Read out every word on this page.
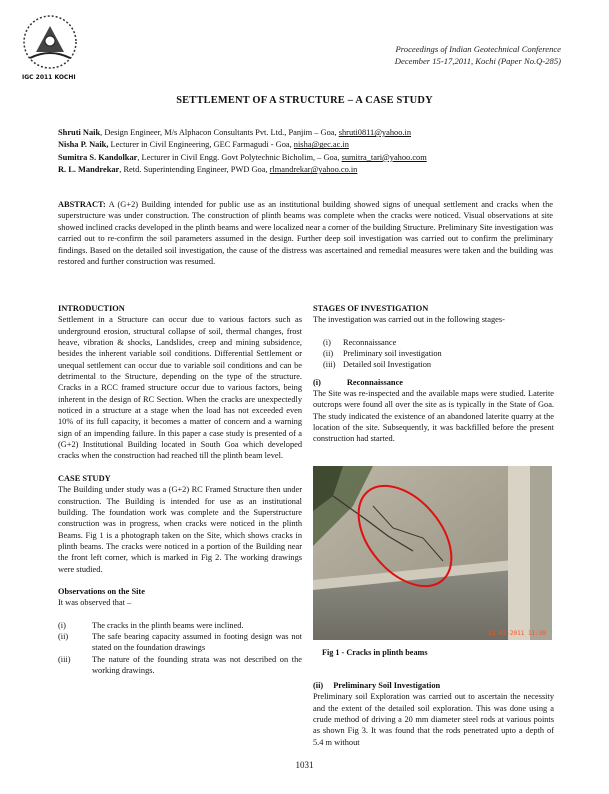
IGC 2011 KOCHI
Proceedings of Indian Geotechnical Conference
December 15-17,2011, Kochi (Paper No.Q-285)
SETTLEMENT OF A STRUCTURE – A CASE STUDY
Shruti Naik, Design Engineer, M/s Alphacon Consultants Pvt. Ltd., Panjim – Goa, shruti0811@yahoo.in
Nisha P. Naik, Lecturer in Civil Engineering, GEC Farmagudi - Goa, nisha@gec.ac.in
Sumitra S. Kandolkar, Lecturer in Civil Engg. Govt Polytechnic Bicholim, – Goa, sumitra_tari@yahoo.com
R. L. Mandrekar, Retd. Superintending Engineer, PWD Goa, rlmandrekar@yahoo.co.in
ABSTRACT: A (G+2) Building intended for public use as an institutional building showed signs of unequal settlement and cracks when the superstructure was under construction. The construction of plinth beams was complete when the cracks were noticed. Visual observations at site showed inclined cracks developed in the plinth beams and were localized near a corner of the building Structure. Preliminary Site investigation was carried out to re-confirm the soil parameters assumed in the design. Further deep soil investigation was carried out to confirm the preliminary findings. Based on the detailed soil investigation, the cause of the distress was ascertained and remedial measures were taken and the building was restored and further construction was resumed.
INTRODUCTION

Settlement in a Structure can occur due to various factors such as underground erosion, structural collapse of soil, thermal changes, frost heave, vibration & shocks, Landslides, creep and mining subsidence, besides the inherent variable soil conditions. Differential Settlement or unequal settlement can occur due to variable soil conditions and can be detrimental to the Structure, depending on the type of the structure. Cracks in a RCC framed structure occur due to various factors, being inherent in the design of RC Section. When the cracks are unexpectedly noticed in a structure at a stage when the load has not exceeded even 10% of its full capacity, it becomes a matter of concern and a warning sign of an impending failure. In this paper a case study is presented of a (G+2) Institutional Building located in South Goa which developed cracks when the construction had reached till the plinth beam level.

CASE STUDY

The Building under study was a (G+2) RC Framed Structure then under construction. The Building is intended for use as an institutional building. The foundation work was complete and the Superstructure construction was in progress, when cracks were noticed in the plinth Beams. Fig 1 is a photograph taken on the Site, which shows cracks in plinth beams. The cracks were noticed in a portion of the Building near the front left corner, which is marked in Fig 2. The working drawings were studied.

Observations on the Site

It was observed that –

(i)	The cracks in the plinth beams were inclined.
(ii)	The safe bearing capacity assumed in footing design was not stated on the foundation drawings
(iii)	The nature of the founding strata was not described on the working drawings.
STAGES OF INVESTIGATION

The investigation was carried out in the following stages-

(i) Reconnaissance
(ii) Preliminary soil investigation
(iii) Detailed soil Investigation
(i)	Reconnaissance

The Site was re-inspected and the available maps were studied. Laterite outcrops were found all over the site as is typically in the State of Goa. The study indicated the existence of an abandoned laterite quarry at the location of the site. Subsequently, it was backfilled before the present construction had started.

13-02-2011 11:30
Fig 1 - Cracks in plinth beams
(ii) Preliminary Soil Investigation

Preliminary soil Exploration was carried out to ascertain the necessity and the extent of the detailed soil exploration. This was done using a crude method of driving a 20 mm diameter steel rods at various points as shown Fig 3. It was found that the rods penetrated upto a depth of 5.4 m without

1031
